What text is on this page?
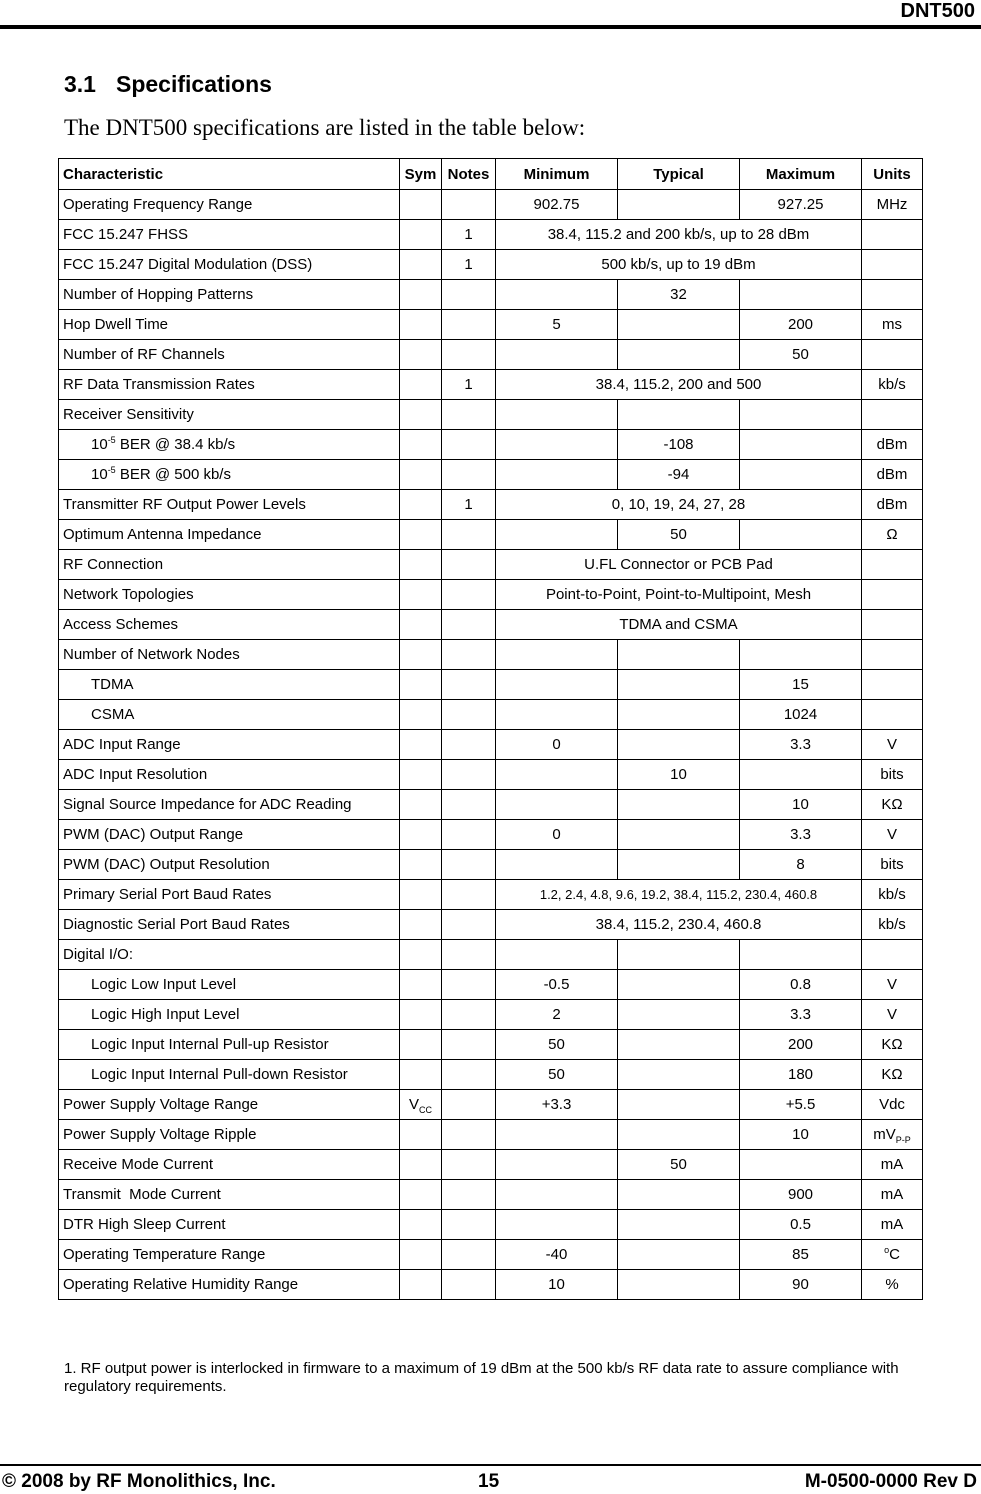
DNT500
3.1 Specifications
The DNT500 specifications are listed in the table below:
Characteristic	Sym	Notes	Minimum	Typical	Maximum	Units
Operating Frequency Range			902.75		927.25	MHz
FCC 15.247 FHSS		1	38.4, 115.2 and 200 kb/s, up to 28 dBm			
FCC 15.247 Digital Modulation (DSS)		1	500 kb/s, up to 19 dBm			
Number of Hopping Patterns				32		
Hop Dwell Time			5		200	ms
Number of RF Channels					50	
RF Data Transmission Rates		1	38.4, 115.2, 200 and 500			kb/s
Receiver Sensitivity						
$10^{-5}$ BER @ 38.4 kb/s				-108		dBm
$10^{-5}$ BER @ 500 kb/s				-94		dBm
Transmitter RF Output Power Levels		1	0, 10, 19, 24, 27, 28			dBm
Optimum Antenna Impedance				50		Ω
RF Connection			U.FL Connector or PCB Pad			
Network Topologies			Point-to-Point, Point-to-Multipoint, Mesh			
Access Schemes			TDMA and CSMA			
Number of Network Nodes						
TDMA					15	
CSMA					1024	
ADC Input Range			0		3.3	V
ADC Input Resolution				10		bits
Signal Source Impedance for ADC Reading					10	KΩ
PWM (DAC) Output Range			0		3.3	V
PWM (DAC) Output Resolution					8	bits
Primary Serial Port Baud Rates			1.2, 2.4, 4.8, 9.6, 19.2, 38.4, 115.2, 230.4, 460.8			kb/s
Diagnostic Serial Port Baud Rates			38.4, 115.2, 230.4, 460.8			kb/s
Digital I/O:						
Logic Low Input Level			-0.5		0.8	V
Logic High Input Level			2		3.3	V
Logic Input Internal Pull-up Resistor			50		200	KΩ
Logic Input Internal Pull-down Resistor			50		180	KΩ
Power Supply Voltage Range	$V_{CC}$		+3.3		+5.5	Vdc
Power Supply Voltage Ripple					10	$mV_{P-P}$
Receive Mode Current				50		mA
Transmit  Mode Current					900	mA
DTR High Sleep Current					0.5	mA
Operating Temperature Range			-40		85	$^o$C
Operating Relative Humidity Range			10		90	%
1. RF output power is interlocked in firmware to a maximum of 19 dBm at the 500 kb/s RF data rate to assure compliance with regulatory requirements.
© 2008 by RF Monolithics, Inc.	15	M-0500-0000 Rev D
